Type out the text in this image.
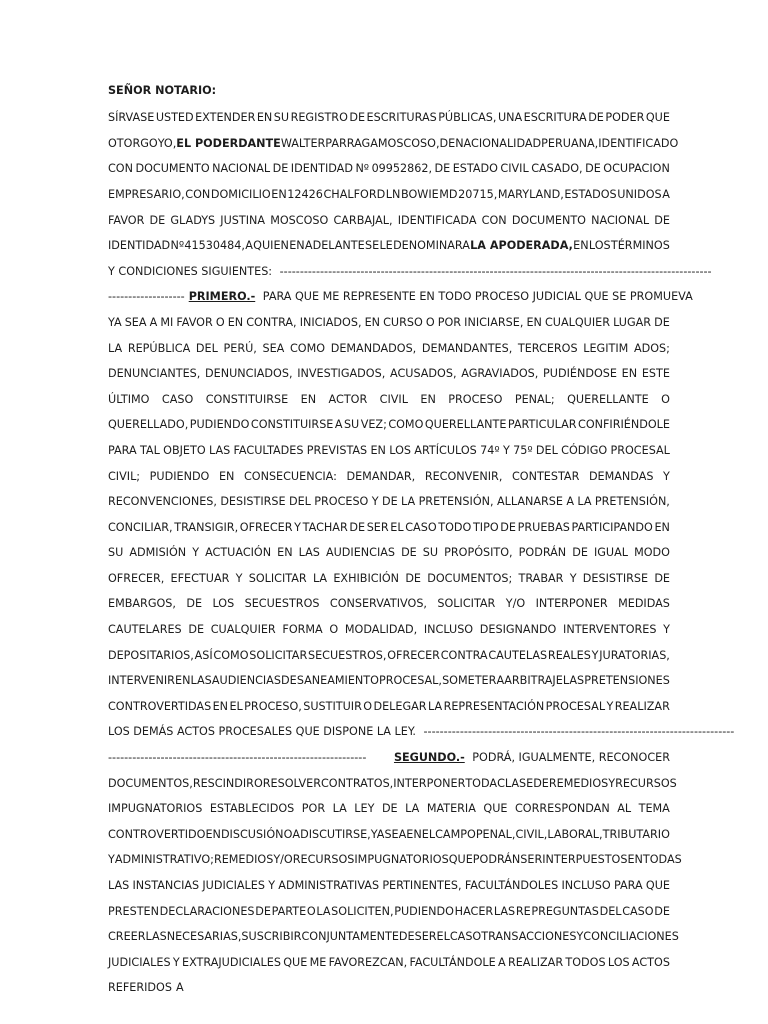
SEÑOR NOTARIO:
SÍRVASE USTED EXTENDER EN SU REGISTRO DE ESCRITURAS PÚBLICAS, UNA ESCRITURA DE PODER QUE
OTORGO YO, EL PODERDANTE WALTER PARRAGA MOSCOSO, DE NACIONALIDAD PERUANA, IDENTIFICADO
CON DOCUMENTO NACIONAL DE IDENTIDAD Nº 09952862, DE ESTADO CIVIL CASADO, DE OCUPACION
EMPRESARIO, CON DOMICILIO EN 12426 CHALFORD LN BOWIE MD 20715, MARYLAND, ESTADOS UNIDOS A
FAVOR DE GLADYS JUSTINA MOSCOSO CARBAJAL, IDENTIFICADA CON DOCUMENTO NACIONAL DE
IDENTIDAD Nº 41530484, A QUIEN EN ADELANTE SE LE DENOMINARA LA APODERADA, EN LOS TÉRMINOS
Y CONDICIONES SIGUIENTES: -----------------------------------------------------------------------------------------------------------
------------------- PRIMERO.- PARA QUE ME REPRESENTE EN TODO PROCESO JUDICIAL QUE SE PROMUEVA
YA SEA A MI FAVOR O EN CONTRA, INICIADOS, EN CURSO O POR INICIARSE, EN CUALQUIER LUGAR DE
LA REPÚBLICA DEL PERÚ, SEA COMO DEMANDADOS, DEMANDANTES, TERCEROS LEGITIM ADOS;
DENUNCIANTES, DENUNCIADOS, INVESTIGADOS, ACUSADOS, AGRAVIADOS, PUDIÉNDOSE EN ESTE
ÚLTIMO CASO CONSTITUIRSE EN ACTOR CIVIL EN PROCESO PENAL; QUERELLANTE O
QUERELLADO, PUDIENDO CONSTITUIRSE A SU VEZ; COMO QUERELLANTE PARTICULAR CONFIRIÉNDOLE
PARA TAL OBJETO LAS FACULTADES PREVISTAS EN LOS ARTÍCULOS 74º Y 75º DEL CÓDIGO PROCESAL
CIVIL; PUDIENDO EN CONSECUENCIA: DEMANDAR, RECONVENIR, CONTESTAR DEMANDAS Y
RECONVENCIONES, DESISTIRSE DEL PROCESO Y DE LA PRETENSIÓN, ALLANARSE A LA PRETENSIÓN,
CONCILIAR, TRANSIGIR, OFRECER Y TACHAR DE SER EL CASO TODO TIPO DE PRUEBAS PARTICIPANDO EN
SU ADMISIÓN Y ACTUACIÓN EN LAS AUDIENCIAS DE SU PROPÓSITO, PODRÁN DE IGUAL MODO
OFRECER, EFECTUAR Y SOLICITAR LA EXHIBICIÓN DE DOCUMENTOS; TRABAR Y DESISTIRSE DE
EMBARGOS, DE LOS SECUESTROS CONSERVATIVOS, SOLICITAR Y/O INTERPONER MEDIDAS
CAUTELARES DE CUALQUIER FORMA O MODALIDAD, INCLUSO DESIGNANDO INTERVENTORES Y
DEPOSITARIOS, ASÍ COMO SOLICITAR SECUESTROS, OFRECER CONTRA CAUTELAS REALES Y JURATORIAS,
INTERVENIR EN LAS AUDIENCIAS DE SANEAMIENTO PROCESAL, SOMETER A ARBITRAJE LAS PRETENSIONES
CONTROVERTIDAS EN EL PROCESO, SUSTITUIR O DELEGAR LA REPRESENTACIÓN PROCESAL Y REALIZAR
LOS DEMÁS ACTOS PROCESALES QUE DISPONE LA LEY. -----------------------------------------------------------------------------
----------------------------------------------------------------	SEGUNDO.- PODRÁ, IGUALMENTE, RECONOCER
DOCUMENTOS, RESCINDIR O RESOLVER CONTRATOS, INTERPONER TODA CLASE DE REMEDIOS Y RECURSOS
IMPUGNATORIOS ESTABLECIDOS POR LA LEY DE LA MATERIA QUE CORRESPONDAN AL TEMA
CONTROVERTIDO EN DISCUSIÓN O A DISCUTIRSE, YA SEA EN EL CAMPO PENAL, CIVIL, LABORAL, TRIBUTARIO
Y ADMINISTRATIVO; REMEDIOS Y/O RECURSOS IMPUGNATORIOS QUE PODRÁN SER INTERPUESTOS EN TODAS
LAS INSTANCIAS JUDICIALES Y ADMINISTRATIVAS PERTINENTES, FACULTÁNDOLES INCLUSO PARA QUE
PRESTEN DECLARACIONES DE PARTE O LA SOLICITEN, PUDIENDO HACER LAS RE PREGUNTAS DEL CASO DE
CREERLAS NECESARIAS, SUSCRIBIR CONJUNTAMENTE DE SER EL CASO TRANSACCIONES Y CONCILIACIONES
JUDICIALES Y EXTRAJUDICIALES QUE ME FAVOREZCAN, FACULTÁNDOLE A REALIZAR TODOS LOS ACTOS
REFERIDOS A
